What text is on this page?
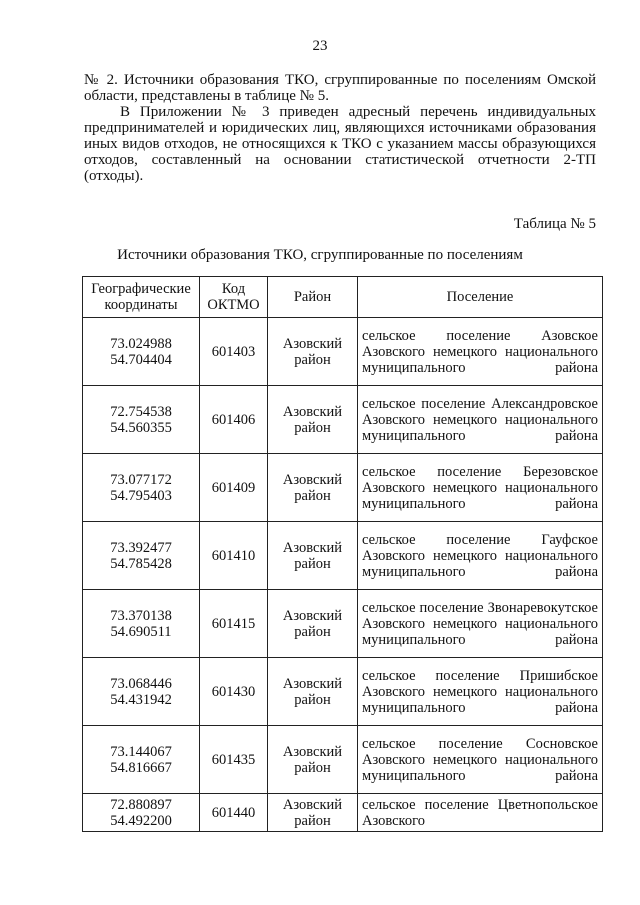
23

№ 2. Источники образования ТКО, сгруппированные по поселениям Омской области, представлены в таблице № 5.

В Приложении № 3 приведен адресный перечень индивидуальных предпринимателей и юридических лиц, являющихся источниками образования иных видов отходов, не относящихся к ТКО с указанием массы образующихся отходов, составленный на основании статистической отчетности 2-ТП (отходы).

Таблица № 5
Источники образования ТКО, сгруппированные по поселениям
Географические координаты	Код ОКТМО	Район	Поселение

73.024988
54.704404	601403	Азовский район	сельское поселение Азовское Азовского немецкого национального муниципального района

72.754538
54.560355	601406	Азовский район	сельское поселение Александровское Азовского немецкого национального муниципального района

73.077172
54.795403	601409	Азовский район	сельское поселение Березовское Азовского немецкого национального муниципального района

73.392477
54.785428	601410	Азовский район	сельское поселение Гауфское Азовского немецкого национального муниципального района

73.370138
54.690511	601415	Азовский район	сельское поселение Звонаревокутское Азовского немецкого национального муниципального района

73.068446
54.431942	601430	Азовский район	сельское поселение Пришибское Азовского немецкого национального муниципального района

73.144067
54.816667	601435	Азовский район	сельское поселение Сосновское Азовского немецкого национального муниципального района

72.880897
54.492200	601440	Азовский район	сельское поселение Цветнопольское Азовского
